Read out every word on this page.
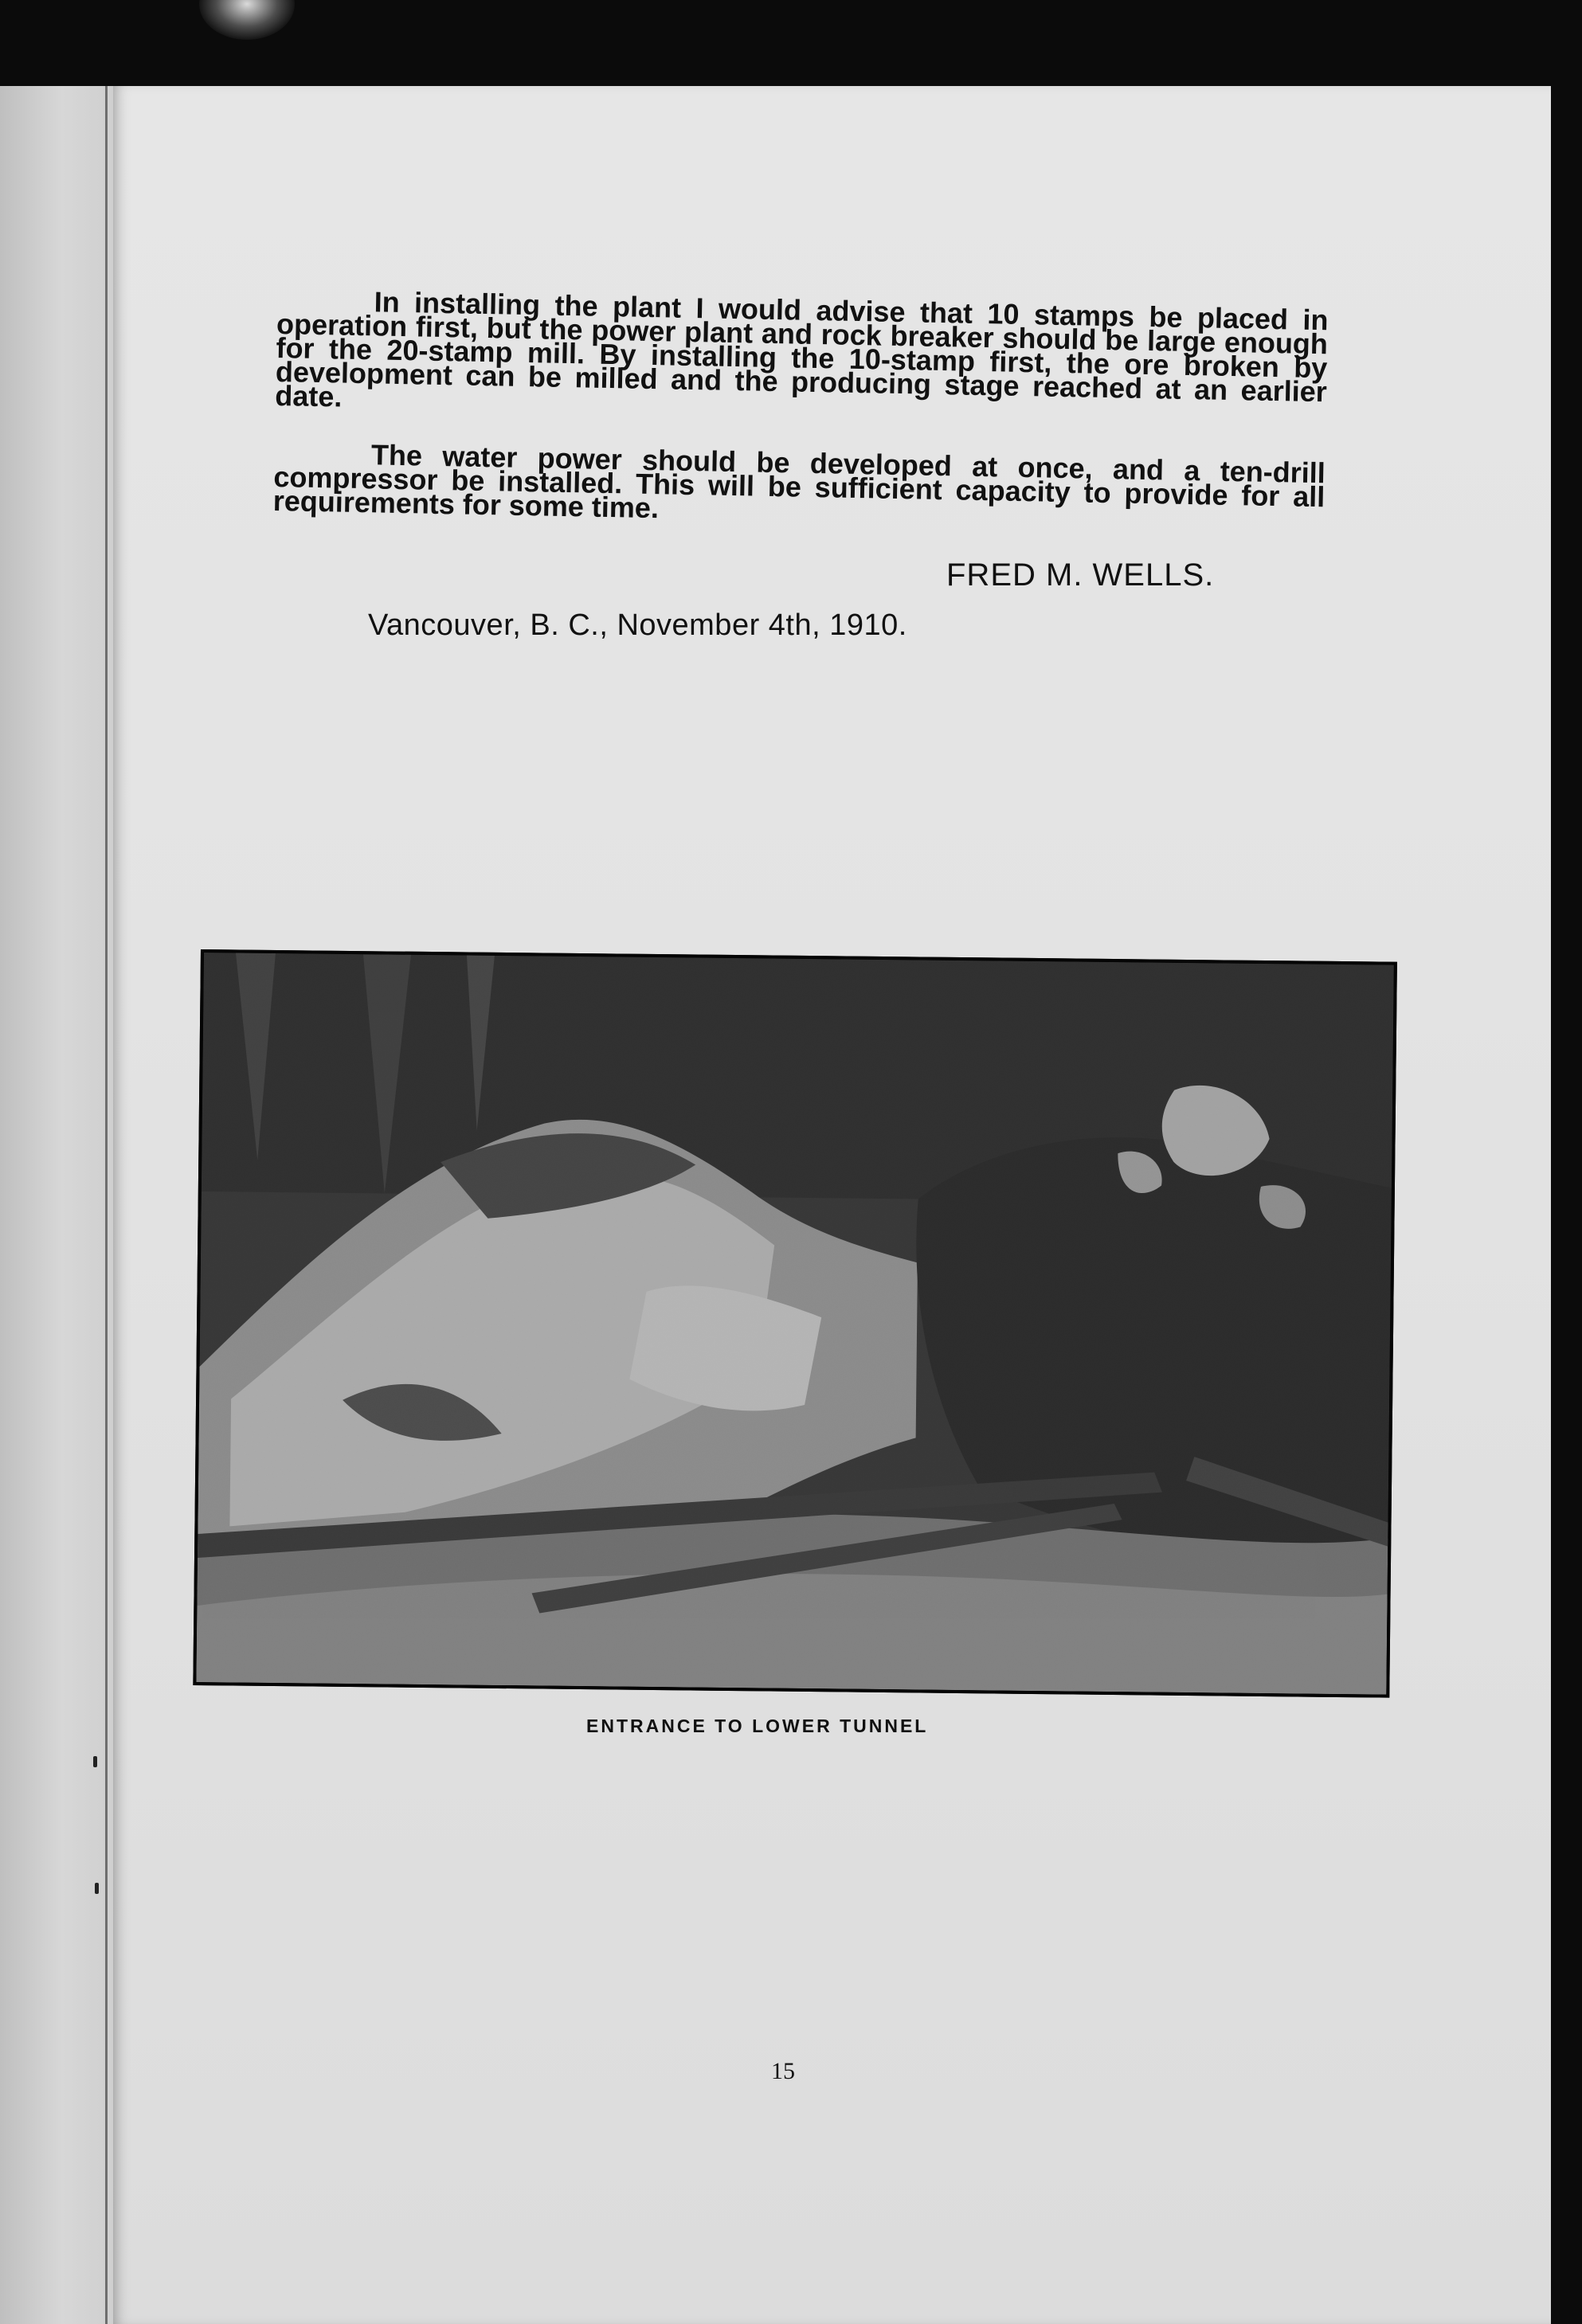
In installing the plant I would advise that 10 stamps be placed in operation first, but the power plant and rock breaker should be large enough for the 20-stamp mill. By installing the 10-stamp first, the ore broken by development can be milled and the producing stage reached at an earlier date.

The water power should be developed at once, and a ten-drill compressor be installed. This will be sufficient capacity to provide for all requirements for some time.

FRED M. WELLS.
Vancouver, B. C., November 4th, 1910.
ENTRANCE TO LOWER TUNNEL
15
